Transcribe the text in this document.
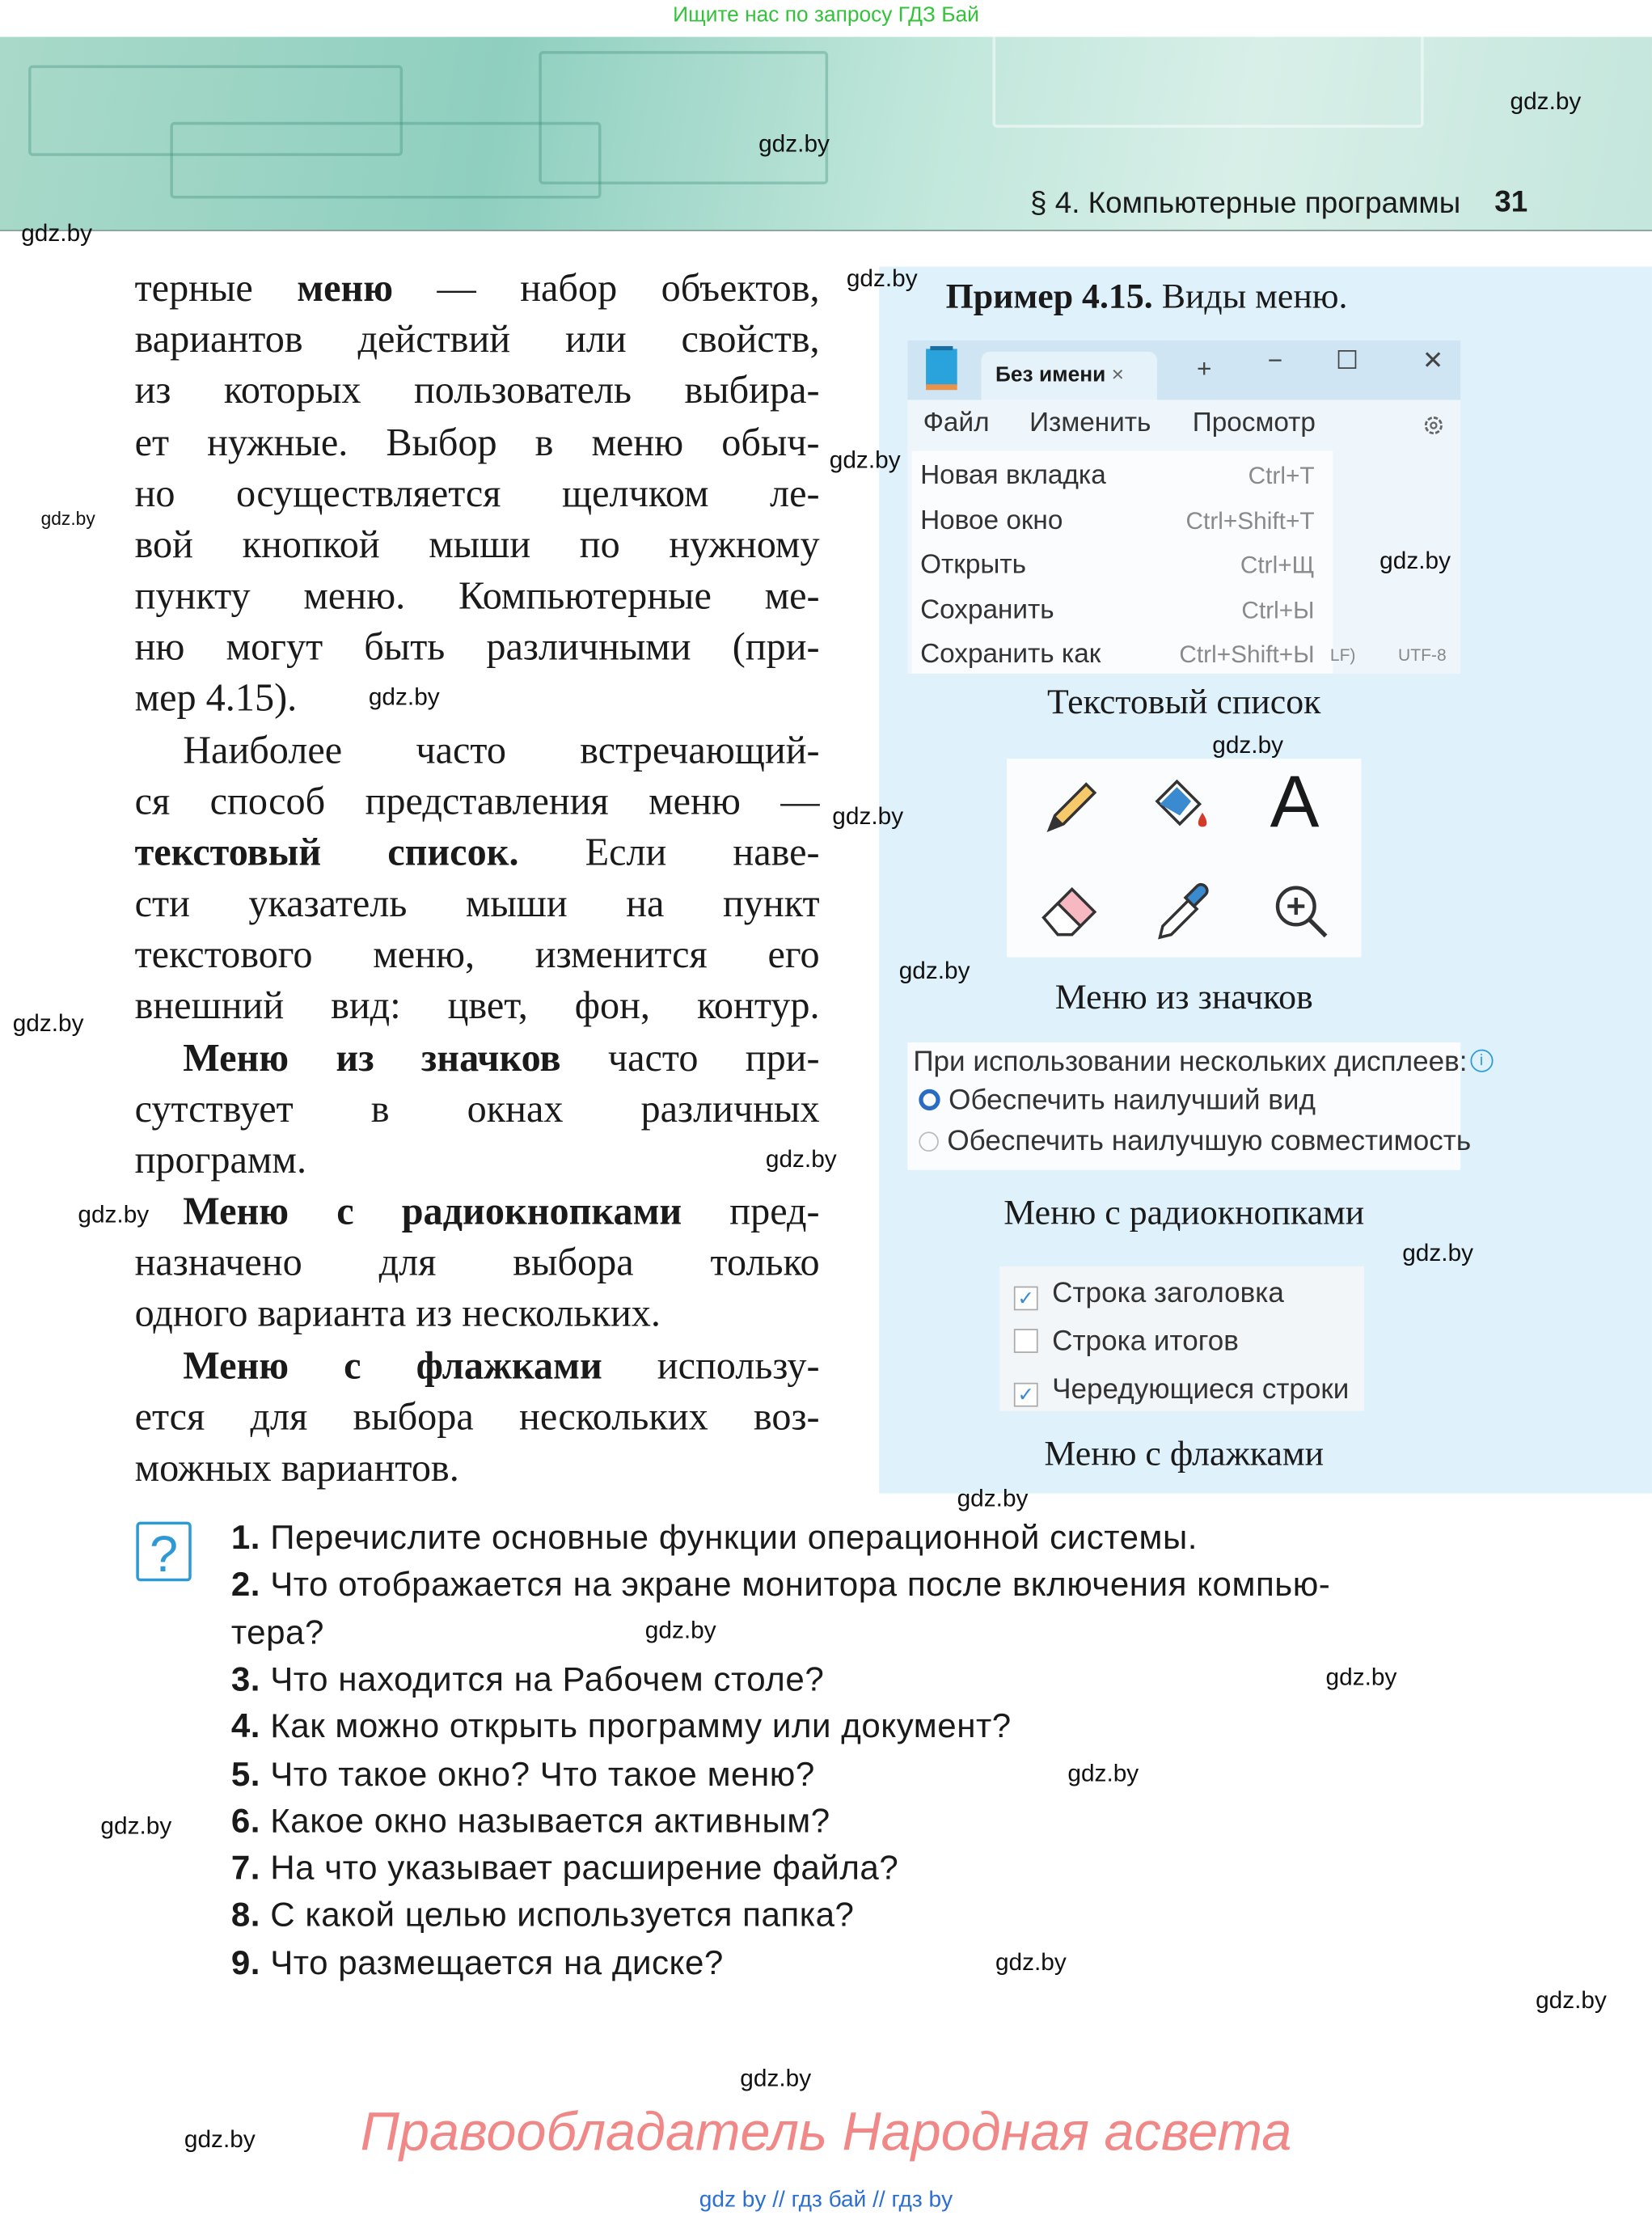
Ищите нас по запросу ГДЗ Бай
§ 4. Компьютерные программы 31
терные меню — набор объектов,
вариантов действий или свойств,
из которых пользователь выбира-
ет нужные. Выбор в меню обыч-
но осуществляется щелчком ле-
вой кнопкой мыши по нужному
пункту меню. Компьютерные ме-
ню могут быть различными (при-
мер 4.15).
Наиболее часто встречающий-
ся способ представления меню —
текстовый список. Если наве-
сти указатель мыши на пункт
текстового меню, изменится его
внешний вид: цвет, фон, контур.
Меню из значков часто при-
сутствует в окнах различных
программ.
Меню с радиокнопками пред-
назначено для выбора только
одного варианта из нескольких.
Меню с флажками использу-
ется для выбора нескольких воз-
можных вариантов.
Пример 4.15. Виды меню.
Без имени ×	+	−	☐	✕
Файл	Изменить	Просмотр
Новая вкладка	Ctrl+T
Новое окно	Ctrl+Shift+T
Открыть	Ctrl+Щ
Сохранить	Ctrl+Ы
Сохранить как	Ctrl+Shift+Ы LF)	UTF-8
Текстовый список
A
Меню из значков
При использовании нескольких дисплеев: i
Обеспечить наилучший вид
Обеспечить наилучшую совместимость
Меню с радиокнопками
✓ Строка заголовка
Строка итогов
✓ Чередующиеся строки
Меню с флажками
?	1. Перечислите основные функции операционной системы.
2. Что отображается на экране монитора после включения компью-
тера?
3. Что находится на Рабочем столе?
4. Как можно открыть программу или документ?
5. Что такое окно? Что такое меню?
6. Какое окно называется активным?
7. На что указывает расширение файла?
8. С какой целью используется папка?
9. Что размещается на диске?
Правообладатель Народная асвета
gdz by // гдз бай // гдз by
gdz.by
gdz.by
gdz.by
gdz.by
gdz.by
gdz.by
gdz.by
gdz.by
gdz.by
gdz.by
gdz.by
gdz.by
gdz.by
gdz.by
gdz.by
gdz.by
gdz.by
gdz.by
gdz.by
gdz.by
gdz.by
gdz.by
gdz.by
gdz.by
